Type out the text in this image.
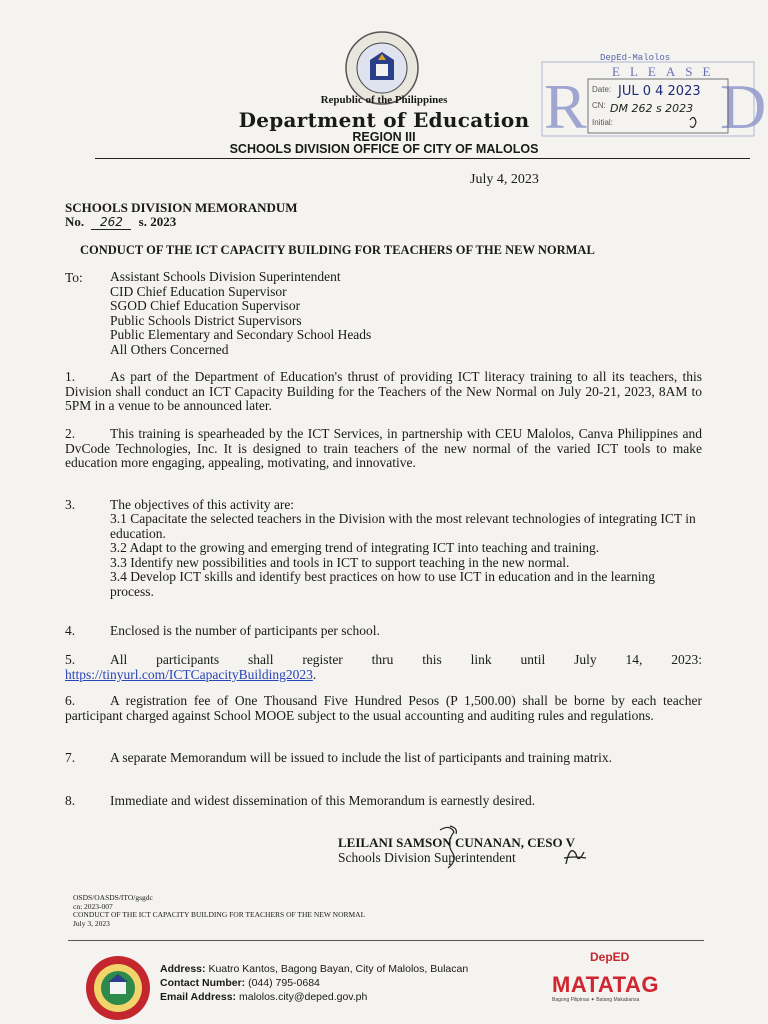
Republic of the Philippines
Department of Education
REGION III
SCHOOLS DIVISION OFFICE OF CITY OF MALOLOS
DepEd-Malolos
R D
ELEASE
Date: JUL 0 4 2023
CN: DM 262 s 2023
Initial:
July 4, 2023
SCHOOLS DIVISION MEMORANDUM
No. 262 s. 2023
CONDUCT OF THE ICT CAPACITY BUILDING FOR TEACHERS OF THE NEW NORMAL
To: Assistant Schools Division Superintendent
CID Chief Education Supervisor
SGOD Chief Education Supervisor
Public Schools District Supervisors
Public Elementary and Secondary School Heads
All Others Concerned
1.	As part of the Department of Education's thrust of providing ICT literacy training to all its teachers, this Division shall conduct an ICT Capacity Building for the Teachers of the New Normal on July 20-21, 2023, 8AM to 5PM in a venue to be announced later.
2.	This training is spearheaded by the ICT Services, in partnership with CEU Malolos, Canva Philippines and DvCode Technologies, Inc. It is designed to train teachers of the new normal of the varied ICT tools to make education more engaging, appealing, motivating, and innovative.
3.	The objectives of this activity are:
3.1 Capacitate the selected teachers in the Division with the most relevant technologies of integrating ICT in education.
3.2 Adapt to the growing and emerging trend of integrating ICT into teaching and training.
3.3 Identify new possibilities and tools in ICT to support teaching in the new normal.
3.4 Develop ICT skills and identify best practices on how to use ICT in education and in the learning process.
4.	Enclosed is the number of participants per school.
5.	All participants shall register thru this link until July 14, 2023:
https://tinyurl.com/ICTCapacityBuilding2023.
6.	A registration fee of One Thousand Five Hundred Pesos (P 1,500.00) shall be borne by each teacher participant charged against School MOOE subject to the usual accounting and auditing rules and regulations.
7.	A separate Memorandum will be issued to include the list of participants and training matrix.
8.	Immediate and widest dissemination of this Memorandum is earnestly desired.
LEILANI SAMSON CUNANAN, CESO V
Schools Division Superintendent
OSDS/OASDS/ITO/gsgdc
cn: 2023-007
CONDUCT OF THE ICT CAPACITY BUILDING FOR TEACHERS OF THE NEW NORMAL
July 3, 2023
Address: Kuatro Kantos, Bagong Bayan, City of Malolos, Bulacan
Contact Number: (044) 795-0684
Email Address: malolos.city@deped.gov.ph
DepED
MATATAG
Bagong Pilipinas ✦ Batang Makabansa
